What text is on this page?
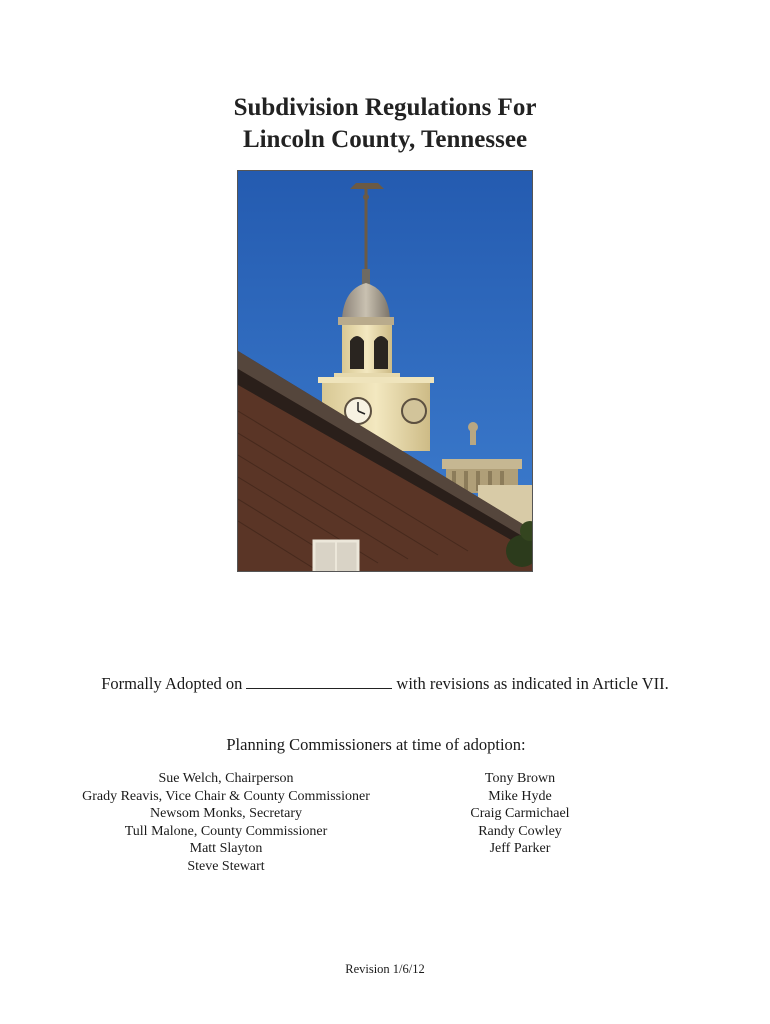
Subdivision Regulations For
Lincoln County, Tennessee
Formally Adopted on	with revisions as indicated in Article VII.
Planning Commissioners at time of adoption:
Sue Welch, Chairperson
Grady Reavis, Vice Chair & County Commissioner
Newsom Monks, Secretary
Tull Malone, County Commissioner
Matt Slayton
Steve Stewart
Tony Brown
Mike Hyde
Craig Carmichael
Randy Cowley
Jeff Parker
Revision 1/6/12
